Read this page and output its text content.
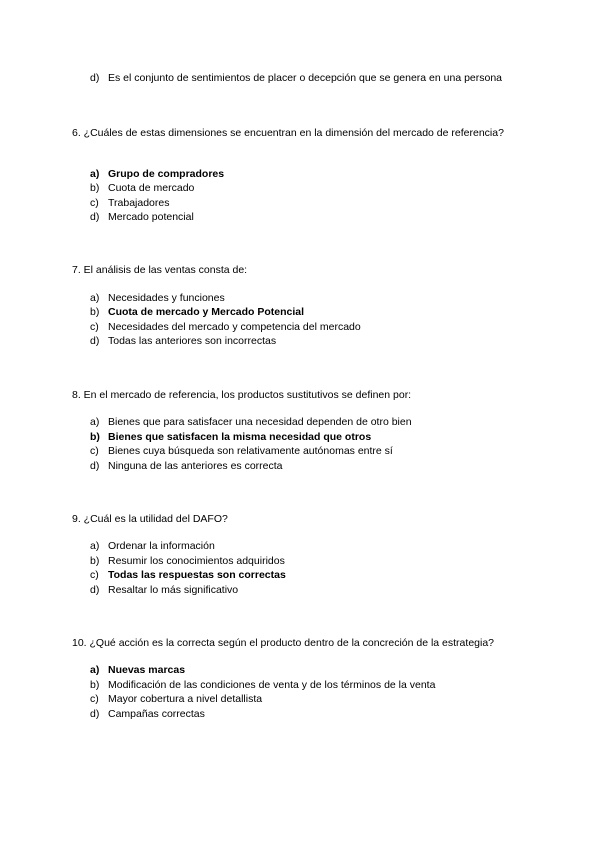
d) Es el conjunto de sentimientos de placer o decepción que se genera en una persona
6. ¿Cuáles de estas dimensiones se encuentran en la dimensión del mercado de referencia?
a) Grupo de compradores
b) Cuota de mercado
c) Trabajadores
d) Mercado potencial
7. El análisis de las ventas consta de:
a) Necesidades y funciones
b) Cuota de mercado y Mercado Potencial
c) Necesidades del mercado y competencia del mercado
d) Todas las anteriores son incorrectas
8. En el mercado de referencia, los productos sustitutivos se definen por:
a) Bienes que para satisfacer una necesidad dependen de otro bien
b) Bienes que satisfacen la misma necesidad que otros
c) Bienes cuya búsqueda son relativamente autónomas entre sí
d) Ninguna de las anteriores es correcta
9. ¿Cuál es la utilidad del DAFO?
a) Ordenar la información
b) Resumir los conocimientos adquiridos
c) Todas las respuestas son correctas
d) Resaltar lo más significativo
10. ¿Qué acción es la correcta según el producto dentro de la concreción de la estrategia?
a) Nuevas marcas
b) Modificación de las condiciones de venta y de los términos de la venta
c) Mayor cobertura a nivel detallista
d) Campañas correctas
